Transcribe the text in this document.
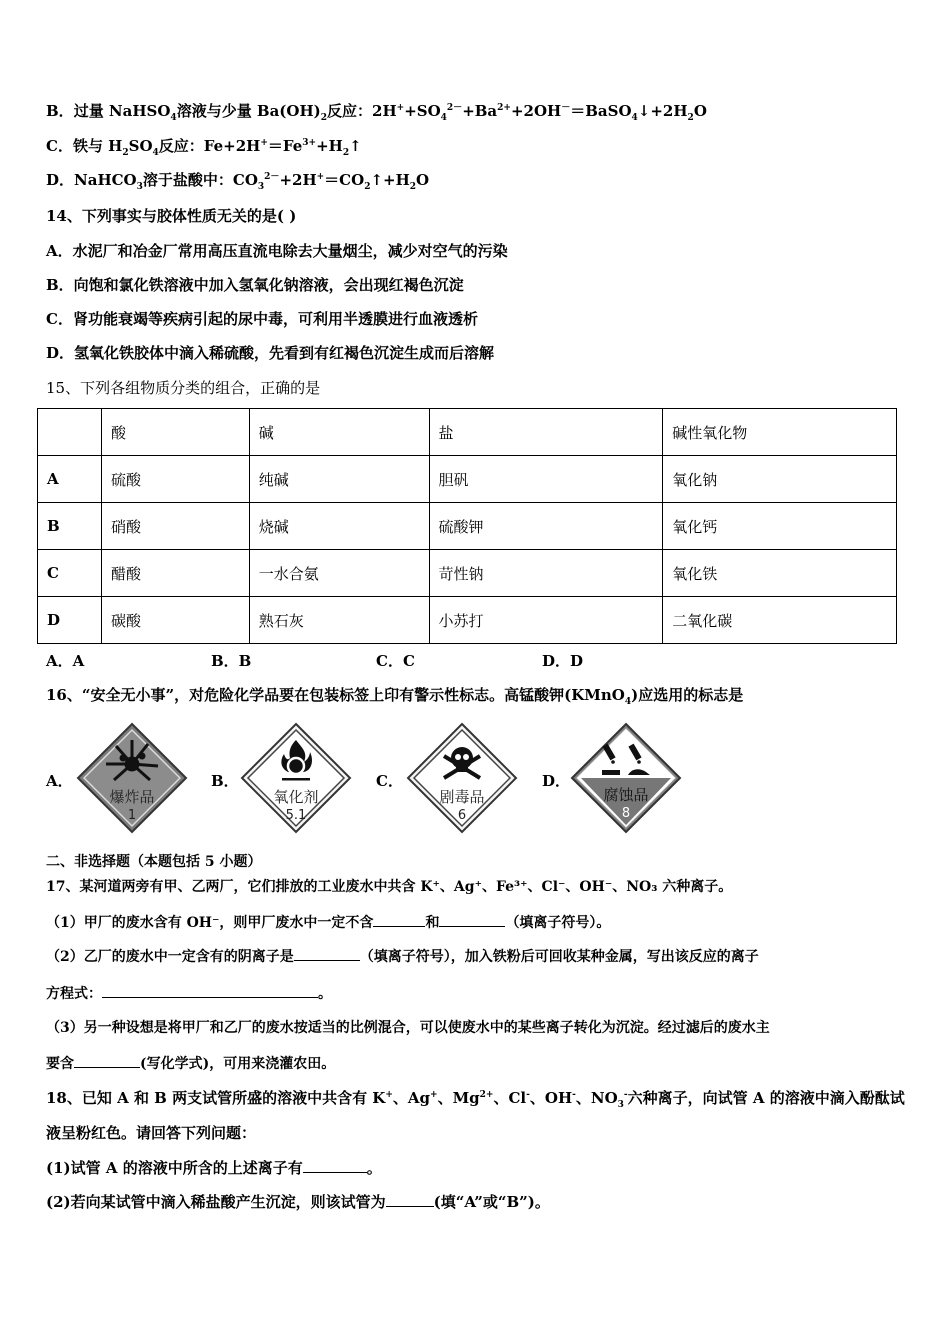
B．过量 NaHSO$_4$溶液与少量 $Ba(OH)_2$反应：$2H^++SO_4^{2-}+Ba^{2+}+2OH^-=BaSO_4↓+2H_2O$
C．铁与 $H_2SO_4$反应：$Fe+2H^+=Fe^{3+}+H_2↑$
D．NaHCO$_3$溶于盐酸中：$CO_3^{2-}+2H^+=CO_2↑+H_2O$
14、下列事实与胶体性质无关的是( )
A．水泥厂和冶金厂常用高压直流电除去大量烟尘，减少对空气的污染
B．向饱和氯化铁溶液中加入氢氧化钠溶液，会出现红褐色沉淀
C．肾功能衰竭等疾病引起的尿中毒，可利用半透膜进行血液透析
D．氢氧化铁胶体中滴入稀硫酸，先看到有红褐色沉淀生成而后溶解
15、下列各组物质分类的组合，正确的是
	酸	碱	盐	碱性氧化物
A	硫酸	纯碱	胆矾	氧化钠
B	硝酸	烧碱	硫酸钾	氧化钙
C	醋酸	一水合氨	苛性钠	氧化铁
D	碳酸	熟石灰	小苏打	二氧化碳
A．A	B．B	C．C	D．D
16、“安全无小事”，对危险化学品要在包装标签上印有警示性标志。高锰酸钾(KMnO$_4$)应选用的标志是
A．
爆炸品
1
B．
氧化剂
5.1
C．
剧毒品
6
D．
腐蚀品
8
二、非选择题（本题包括 5 小题）
17、某河道两旁有甲、乙两厂，它们排放的工业废水中共含 K⁺、Ag⁺、Fe³⁺、Cl⁻、OH⁻、NO₃ 六种离子。
（1）甲厂的废水含有 OH⁻，则甲厂废水中一定不含	和	（填离子符号）。
（2）乙厂的废水中一定含有的阴离子是	（填离子符号），加入铁粉后可回收某种金属，写出该反应的离子
方程式：	。
（3）另一种设想是将甲厂和乙厂的废水按适当的比例混合，可以使废水中的某些离子转化为沉淀。经过滤后的废水主
要含	(写化学式)，可用来浇灌农田。
18、已知 A 和 B 两支试管所盛的溶液中共含有 K+、Ag+、$Mg^{2+}$、Cl-、OH-、$NO_3^-$六种离子，向试管 A 的溶液中滴入酚酞试
液呈粉红色。请回答下列问题：
(1)试管 A 的溶液中所含的上述离子有	。
(2)若向某试管中滴入稀盐酸产生沉淀，则该试管为	(填“A”或“B”)。
